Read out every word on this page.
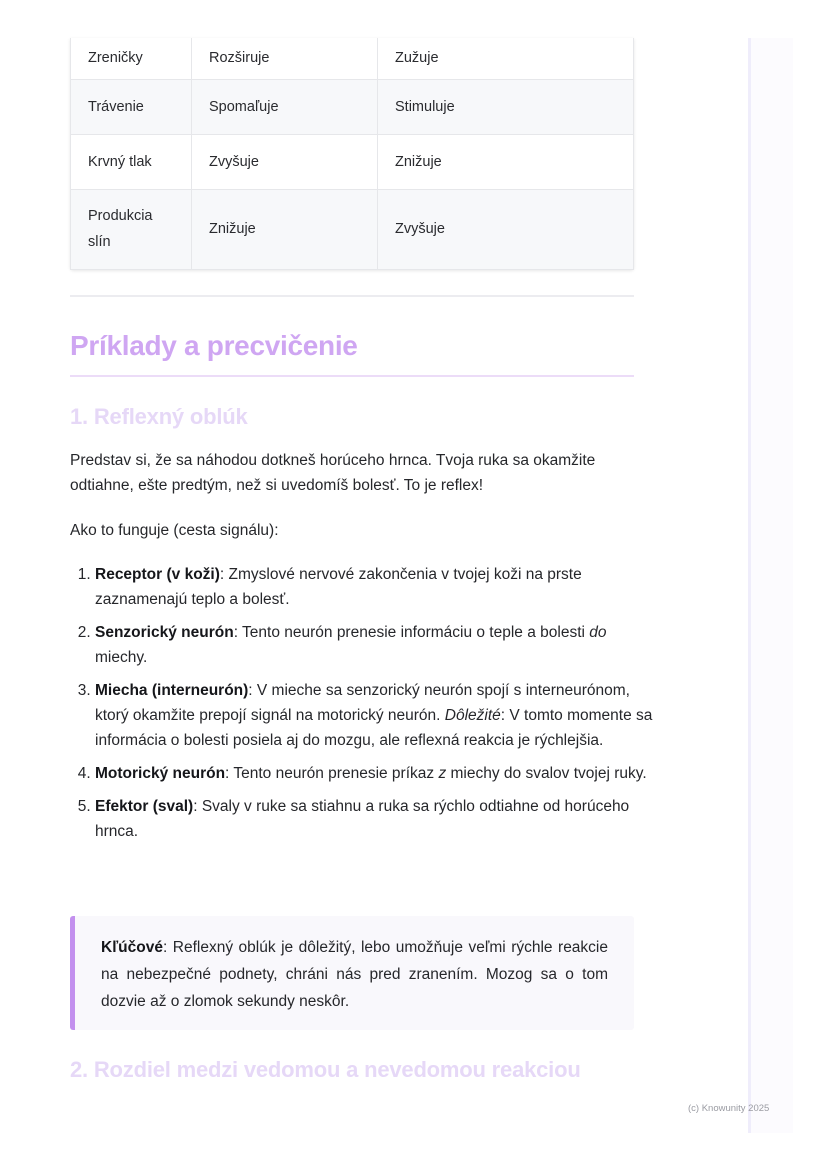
Zreničky	Rozširuje	Zužuje
Trávenie	Spomaľuje	Stimuluje
Krvný tlak	Zvyšuje	Znižuje
Produkcia slín	Znižuje	Zvyšuje
Príklady a precvičenie
1. Reflexný oblúk
Predstav si, že sa náhodou dotkneš horúceho hrnca. Tvoja ruka sa okamžite odtiahne, ešte predtým, než si uvedomíš bolesť. To je reflex!
Ako to funguje (cesta signálu):
1. Receptor (v koži): Zmyslové nervové zakončenia v tvojej koži na prste zaznamenajú teplo a bolesť.
2. Senzorický neurón: Tento neurón prenesie informáciu o teple a bolesti do miechy.
3. Miecha (interneurón): V mieche sa senzorický neurón spojí s interneurónom, ktorý okamžite prepojí signál na motorický neurón. Dôležité: V tomto momente sa informácia o bolesti posiela aj do mozgu, ale reflexná reakcia je rýchlejšia.
4. Motorický neurón: Tento neurón prenesie príkaz z miechy do svalov tvojej ruky.
5. Efektor (sval): Svaly v ruke sa stiahnu a ruka sa rýchlo odtiahne od horúceho hrnca.
Kľúčové: Reflexný oblúk je dôležitý, lebo umožňuje veľmi rýchle reakcie na nebezpečné podnety, chráni nás pred zranením. Mozog sa o tom dozvie až o zlomok sekundy neskôr.
2. Rozdiel medzi vedomou a nevedomou reakciou
(c) Knowunity 2025
